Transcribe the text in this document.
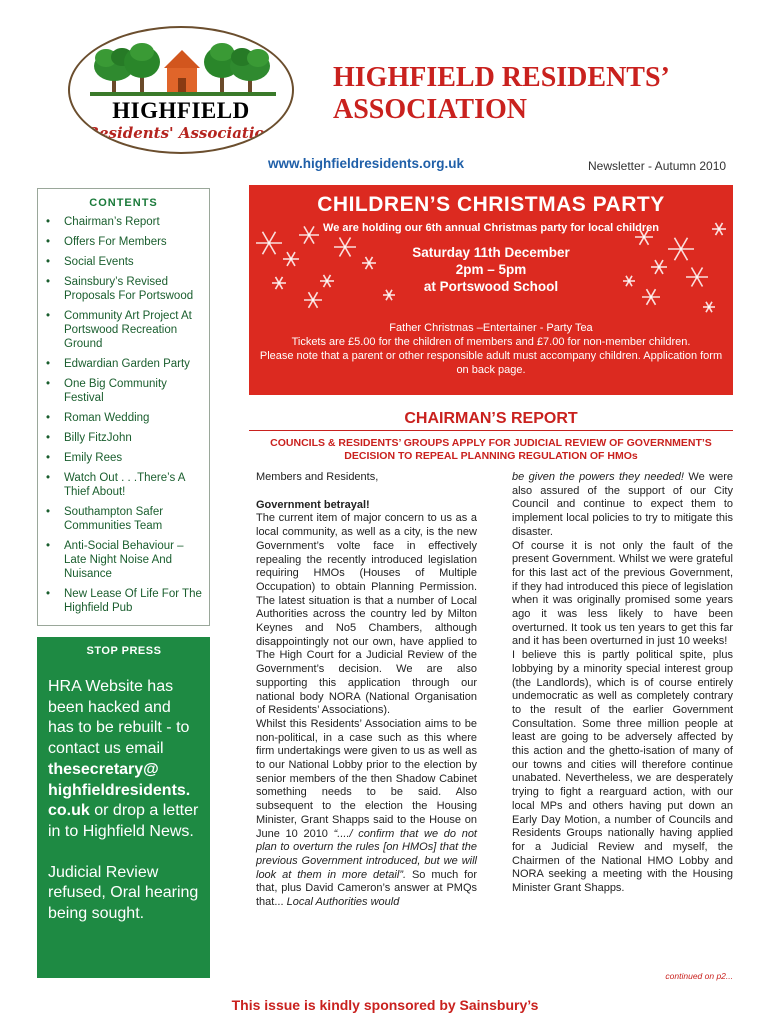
HIGHFIELD
Residents' Association
HIGHFIELD RESIDENTS’ ASSOCIATION
www.highfieldresidents.org.uk	Newsletter - Autumn 2010
CONTENTS
• Chairman’s Report
• Offers For Members
• Social Events
• Sainsbury’s Revised Proposals For Portswood
• Community Art Project At Portswood Recreation Ground
• Edwardian Garden Party
• One Big Community Festival
• Roman Wedding
• Billy FitzJohn
• Emily Rees
• Watch Out . . .There’s A Thief About!
• Southampton Safer Communities Team
• Anti-Social Behaviour – Late Night Noise And Nuisance
• New Lease Of Life For The Highfield Pub
STOP PRESS
HRA Website has been hacked and has to be rebuilt - to contact us email thesecretary@ highfieldresidents. co.uk or drop a letter in to Highfield News.
Judicial Review refused, Oral hearing being sought.
CHILDREN’S CHRISTMAS PARTY
We are holding our 6th annual Christmas party for local children
Saturday 11th December
2pm – 5pm
at Portswood School
Father Christmas –Entertainer - Party Tea
Tickets are £5.00 for the children of members and £7.00 for non-member children.
Please note that a parent or other responsible adult must accompany children. Application form on back page.
CHAIRMAN’S REPORT
COUNCILS & RESIDENTS’ GROUPS APPLY FOR JUDICIAL REVIEW OF GOVERNMENT’S DECISION TO REPEAL PLANNING REGULATION OF HMOs

Members and Residents,

Government betrayal!

The current item of major concern to us as a local community, as well as a city, is the new Government’s volte face in effectively repealing the recently introduced legislation requiring HMOs (Houses of Multiple Occupation) to obtain Planning Permission. The latest situation is that a number of Local Authorities across the country led by Milton Keynes and No5 Chambers, although disappointingly not our own, have applied to The High Court for a Judicial Review of the Government’s decision. We are also supporting this application through our national body NORA (National Organisation of Residents’ Associations).

Whilst this Residents’ Association aims to be non-political, in a case such as this where firm undertakings were given to us as well as to our National Lobby prior to the election by senior members of the then Shadow Cabinet something needs to be said. Also subsequent to the election the Housing Minister, Grant Shapps said to the House on June 10 2010 “..../ confirm that we do not plan to overturn the rules [on HMOs] that the previous Government introduced, but we will look at them in more detail”. So much for that, plus David Cameron’s answer at PMQs that... Local Authorities would

be given the powers they needed! We were also assured of the support of our City Council and continue to expect them to implement local policies to try to mitigate this disaster.

Of course it is not only the fault of the present Government. Whilst we were grateful for this last act of the previous Government, if they had introduced this piece of legislation when it was originally promised some years ago it was less likely to have been overturned. It took us ten years to get this far and it has been overturned in just 10 weeks!

I believe this is partly political spite, plus lobbying by a minority special interest group (the Landlords), which is of course entirely undemocratic as well as completely contrary to the result of the earlier Government Consultation. Some three million people at least are going to be adversely affected by this action and the ghetto-isation of many of our towns and cities will therefore continue unabated. Nevertheless, we are desperately trying to fight a rearguard action, with our local MPs and others having put down an Early Day Motion, a number of Councils and Residents Groups nationally having applied for a Judicial Review and myself, the Chairmen of the National HMO Lobby and NORA seeking a meeting with the Housing Minister Grant Shapps.

continued on p2...
This issue is kindly sponsored by Sainsbury’s
